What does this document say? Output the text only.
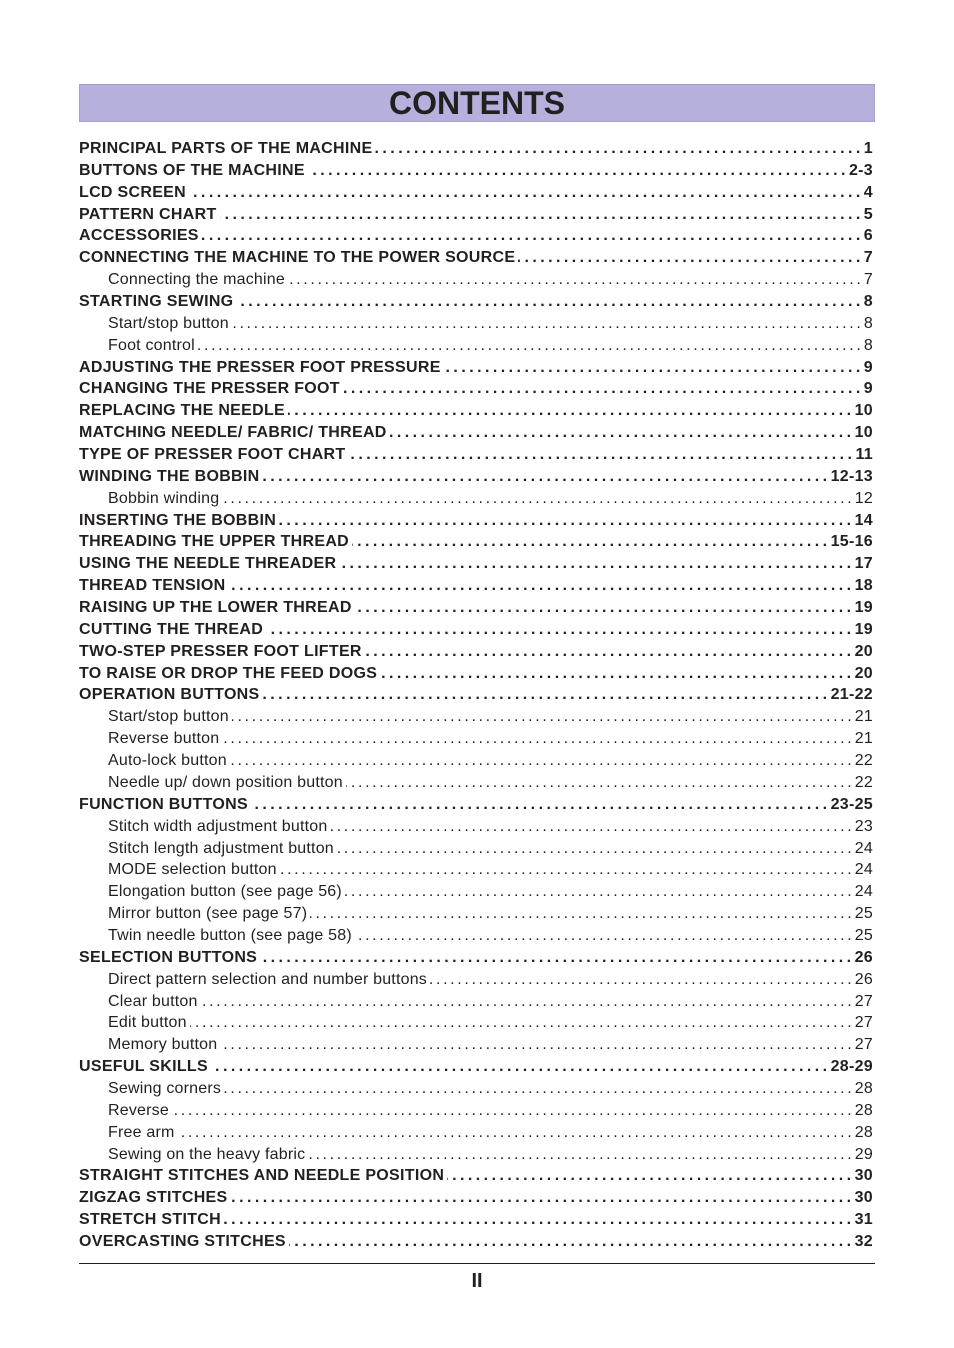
CONTENTS
PRINCIPAL PARTS OF THE MACHINE . . .	1
BUTTONS OF THE MACHINE . . .	2-3
LCD SCREEN . . .	4
PATTERN CHART . . .	5
ACCESSORIES . . .	6
CONNECTING THE MACHINE TO THE POWER SOURCE . . .	7
Connecting the machine . . .	7
STARTING SEWING . . .	8
Start/stop button . . .	8
Foot control . . .	8
ADJUSTING THE PRESSER FOOT PRESSURE . . .	9
CHANGING THE PRESSER FOOT . . .	9
REPLACING THE NEEDLE . . .	10
MATCHING NEEDLE/ FABRIC/ THREAD . . .	10
TYPE OF PRESSER FOOT CHART . . .	11
WINDING THE BOBBIN . . .	12-13
Bobbin winding . . .	12
INSERTING THE BOBBIN . . .	14
THREADING THE UPPER THREAD . . .	15-16
USING THE NEEDLE THREADER . . .	17
THREAD TENSION . . .	18
RAISING UP THE LOWER THREAD . . .	19
CUTTING THE THREAD . . .	19
TWO-STEP PRESSER FOOT LIFTER . . .	20
TO RAISE OR DROP THE FEED DOGS . . .	20
OPERATION BUTTONS . . .	21-22
Start/stop button . . .	21
Reverse button . . .	21
Auto-lock button . . .	22
Needle up/ down position button . . .	22
FUNCTION BUTTONS . . .	23-25
Stitch width adjustment button . . .	23
Stitch length adjustment button . . .	24
MODE selection button . . .	24
Elongation button (see page 56) . . .	24
Mirror button (see page 57) . . .	25
Twin needle button (see page 58) . . .	25
SELECTION BUTTONS . . .	26
Direct pattern selection and number buttons . . .	26
Clear button . . .	27
Edit button . . .	27
Memory button . . .	27
USEFUL SKILLS . . .	28-29
Sewing corners . . .	28
Reverse . . .	28
Free arm . . .	28
Sewing on the heavy fabric . . .	29
STRAIGHT STITCHES AND NEEDLE POSITION . . .	30
ZIGZAG STITCHES . . .	30
STRETCH STITCH . . .	31
OVERCASTING STITCHES . . .	32
II
